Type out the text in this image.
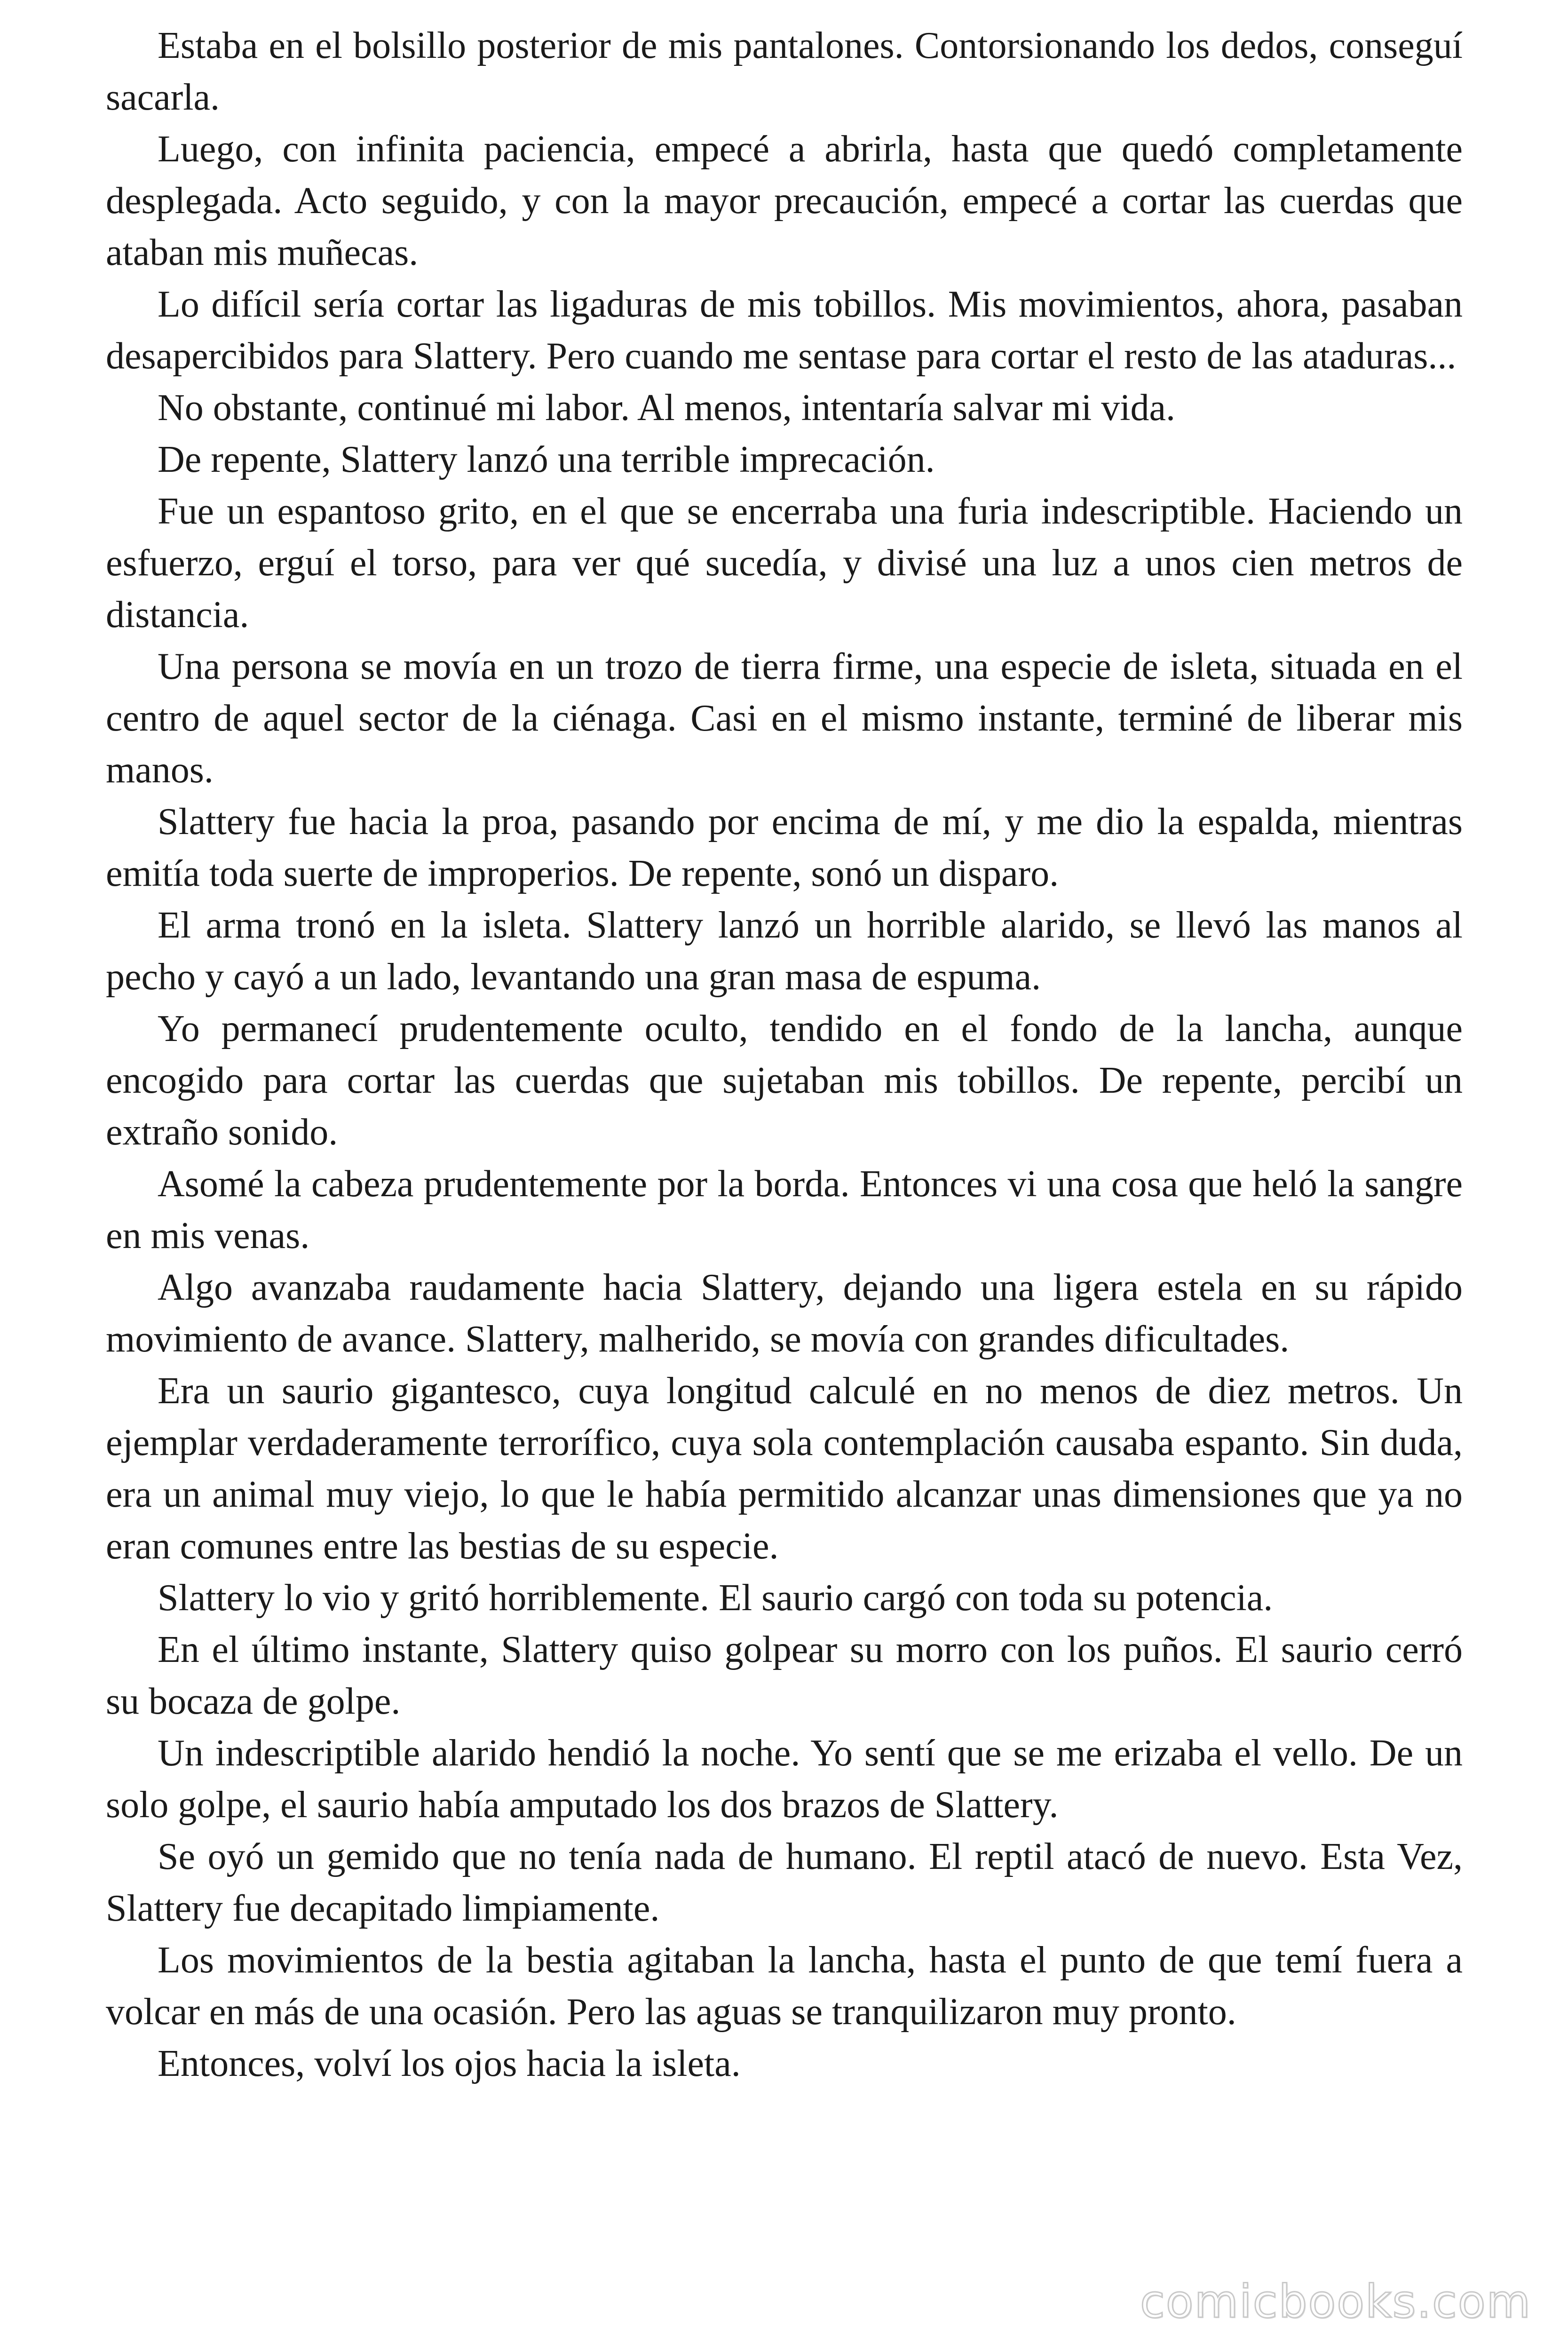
Estaba en el bolsillo posterior de mis pantalones. Contorsionando los dedos, conseguí sacarla.

Luego, con infinita paciencia, empecé a abrirla, hasta que quedó completamente desplegada. Acto seguido, y con la mayor precaución, empecé a cortar las cuerdas que ataban mis muñecas.

Lo difícil sería cortar las ligaduras de mis tobillos. Mis movimientos, ahora, pasaban desapercibidos para Slattery. Pero cuando me sentase para cortar el resto de las ataduras...

No obstante, continué mi labor. Al menos, intentaría salvar mi vida.

De repente, Slattery lanzó una terrible imprecación.

Fue un espantoso grito, en el que se encerraba una furia indescriptible. Haciendo un esfuerzo, erguí el torso, para ver qué sucedía, y divisé una luz a unos cien metros de distancia.

Una persona se movía en un trozo de tierra firme, una especie de isleta, situada en el centro de aquel sector de la ciénaga. Casi en el mismo instante, terminé de liberar mis manos.

Slattery fue hacia la proa, pasando por encima de mí, y me dio la espalda, mientras emitía toda suerte de improperios. De repente, sonó un disparo.

El arma tronó en la isleta. Slattery lanzó un horrible alarido, se llevó las manos al pecho y cayó a un lado, levantando una gran masa de espuma.

Yo permanecí prudentemente oculto, tendido en el fondo de la lancha, aunque encogido para cortar las cuerdas que sujetaban mis tobillos. De repente, percibí un extraño sonido.

Asomé la cabeza prudentemente por la borda. Entonces vi una cosa que heló la sangre en mis venas.

Algo avanzaba raudamente hacia Slattery, dejando una ligera estela en su rápido movimiento de avance. Slattery, malherido, se movía con grandes dificultades.

Era un saurio gigantesco, cuya longitud calculé en no menos de diez metros. Un ejemplar verdaderamente terrorífico, cuya sola contemplación causaba espanto. Sin duda, era un animal muy viejo, lo que le había permitido alcanzar unas dimensiones que ya no eran comunes entre las bestias de su especie.

Slattery lo vio y gritó horriblemente. El saurio cargó con toda su potencia.

En el último instante, Slattery quiso golpear su morro con los puños. El saurio cerró su bocaza de golpe.

Un indescriptible alarido hendió la noche. Yo sentí que se me erizaba el vello. De un solo golpe, el saurio había amputado los dos brazos de Slattery.

Se oyó un gemido que no tenía nada de humano. El reptil atacó de nuevo. Esta Vez, Slattery fue decapitado limpiamente.

Los movimientos de la bestia agitaban la lancha, hasta el punto de que temí fuera a volcar en más de una ocasión. Pero las aguas se tranquilizaron muy pronto.

Entonces, volví los ojos hacia la isleta.

comicbooks.com
